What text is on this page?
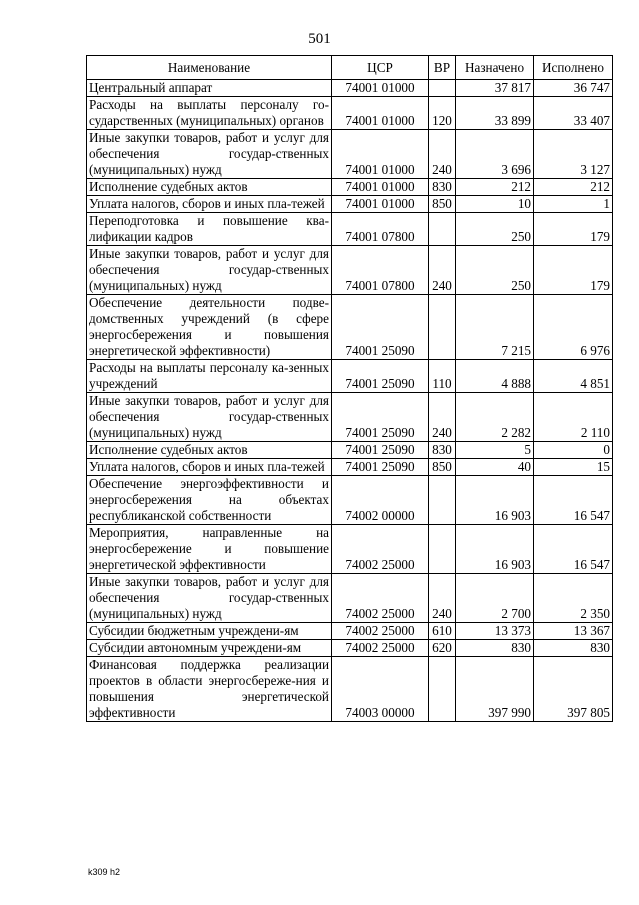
501
Наименование	ЦСР	ВР	Назначено	Исполнено
Центральный аппарат	74001 01000		37 817	36 747
Расходы на выплаты персоналу го-сударственных (муниципальных) органов	74001 01000	120	33 899	33 407
Иные закупки товаров, работ и услуг для обеспечения государ-ственных (муниципальных) нужд	74001 01000	240	3 696	3 127
Исполнение судебных актов	74001 01000	830	212	212
Уплата налогов, сборов и иных пла-тежей	74001 01000	850	10	1
Переподготовка и повышение ква-лификации кадров	74001 07800		250	179
Иные закупки товаров, работ и услуг для обеспечения государ-ственных (муниципальных) нужд	74001 07800	240	250	179
Обеспечение деятельности подве-домственных учреждений (в сфере энергосбережения и повышения энергетической эффективности)	74001 25090		7 215	6 976
Расходы на выплаты персоналу ка-зенных учреждений	74001 25090	110	4 888	4 851
Иные закупки товаров, работ и услуг для обеспечения государ-ственных (муниципальных) нужд	74001 25090	240	2 282	2 110
Исполнение судебных актов	74001 25090	830	5	0
Уплата налогов, сборов и иных пла-тежей	74001 25090	850	40	15
Обеспечение энергоэффективности и энергосбережения на объектах республиканской собственности	74002 00000		16 903	16 547
Мероприятия, направленные на энергосбережение и повышение энергетической эффективности	74002 25000		16 903	16 547
Иные закупки товаров, работ и услуг для обеспечения государ-ственных (муниципальных) нужд	74002 25000	240	2 700	2 350
Субсидии бюджетным учреждени-ям	74002 25000	610	13 373	13 367
Субсидии автономным учреждени-ям	74002 25000	620	830	830
Финансовая поддержка реализации проектов в области энергосбереже-ния и повышения энергетической эффективности	74003 00000		397 990	397 805
k309 h2
